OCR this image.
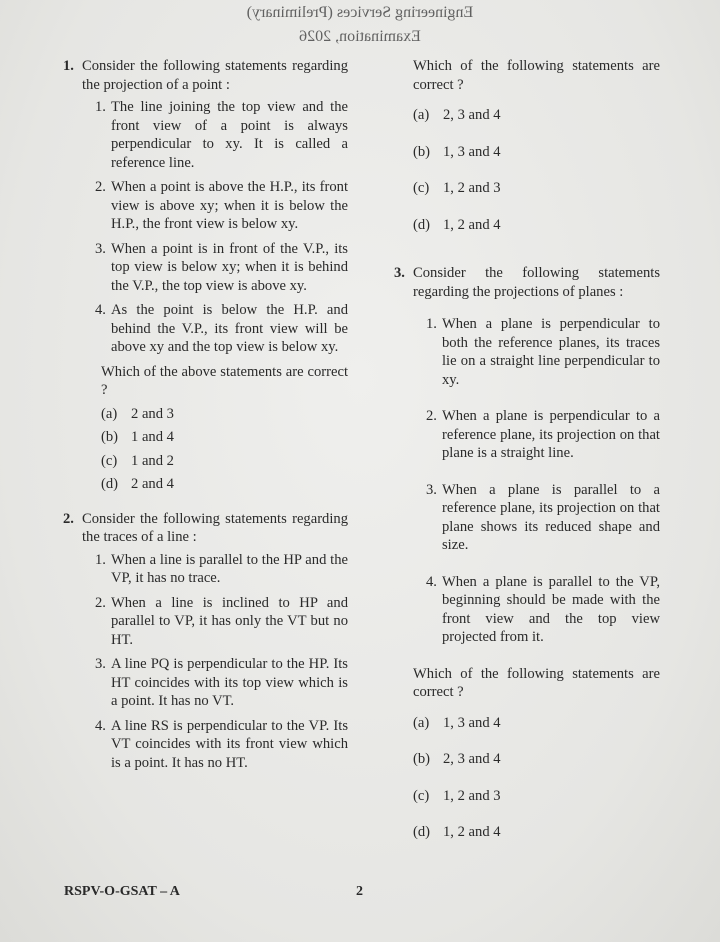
Engineering Services (Preliminary)
Examination, 2026
1. Consider the following statements regarding the projection of a point :
1. The line joining the top view and the front view of a point is always perpendicular to xy. It is called a reference line.
2. When a point is above the H.P., its front view is above xy; when it is below the H.P., the front view is below xy.
3. When a point is in front of the V.P., its top view is below xy; when it is behind the V.P., the top view is above xy.
4. As the point is below the H.P. and behind the V.P., its front view will be above xy and the top view is below xy.
Which of the above statements are correct ?
(a) 2 and 3
(b) 1 and 4
(c) 1 and 2
(d) 2 and 4
2. Consider the following statements regarding the traces of a line :
1. When a line is parallel to the HP and the VP, it has no trace.
2. When a line is inclined to HP and parallel to VP, it has only the VT but no HT.
3. A line PQ is perpendicular to the HP. Its HT coincides with its top view which is a point. It has no VT.
4. A line RS is perpendicular to the VP. Its VT coincides with its front view which is a point. It has no HT.
Which of the following statements are correct ?
(a) 2, 3 and 4
(b) 1, 3 and 4
(c) 1, 2 and 3
(d) 1, 2 and 4
3. Consider the following statements regarding the projections of planes :
1. When a plane is perpendicular to both the reference planes, its traces lie on a straight line perpendicular to xy.
2. When a plane is perpendicular to a reference plane, its projection on that plane is a straight line.
3. When a plane is parallel to a reference plane, its projection on that plane shows its reduced shape and size.
4. When a plane is parallel to the VP, beginning should be made with the front view and the top view projected from it.
Which of the following statements are correct ?
(a) 1, 3 and 4
(b) 2, 3 and 4
(c) 1, 2 and 3
(d) 1, 2 and 4
RSPV-O-GSAT – A	2
